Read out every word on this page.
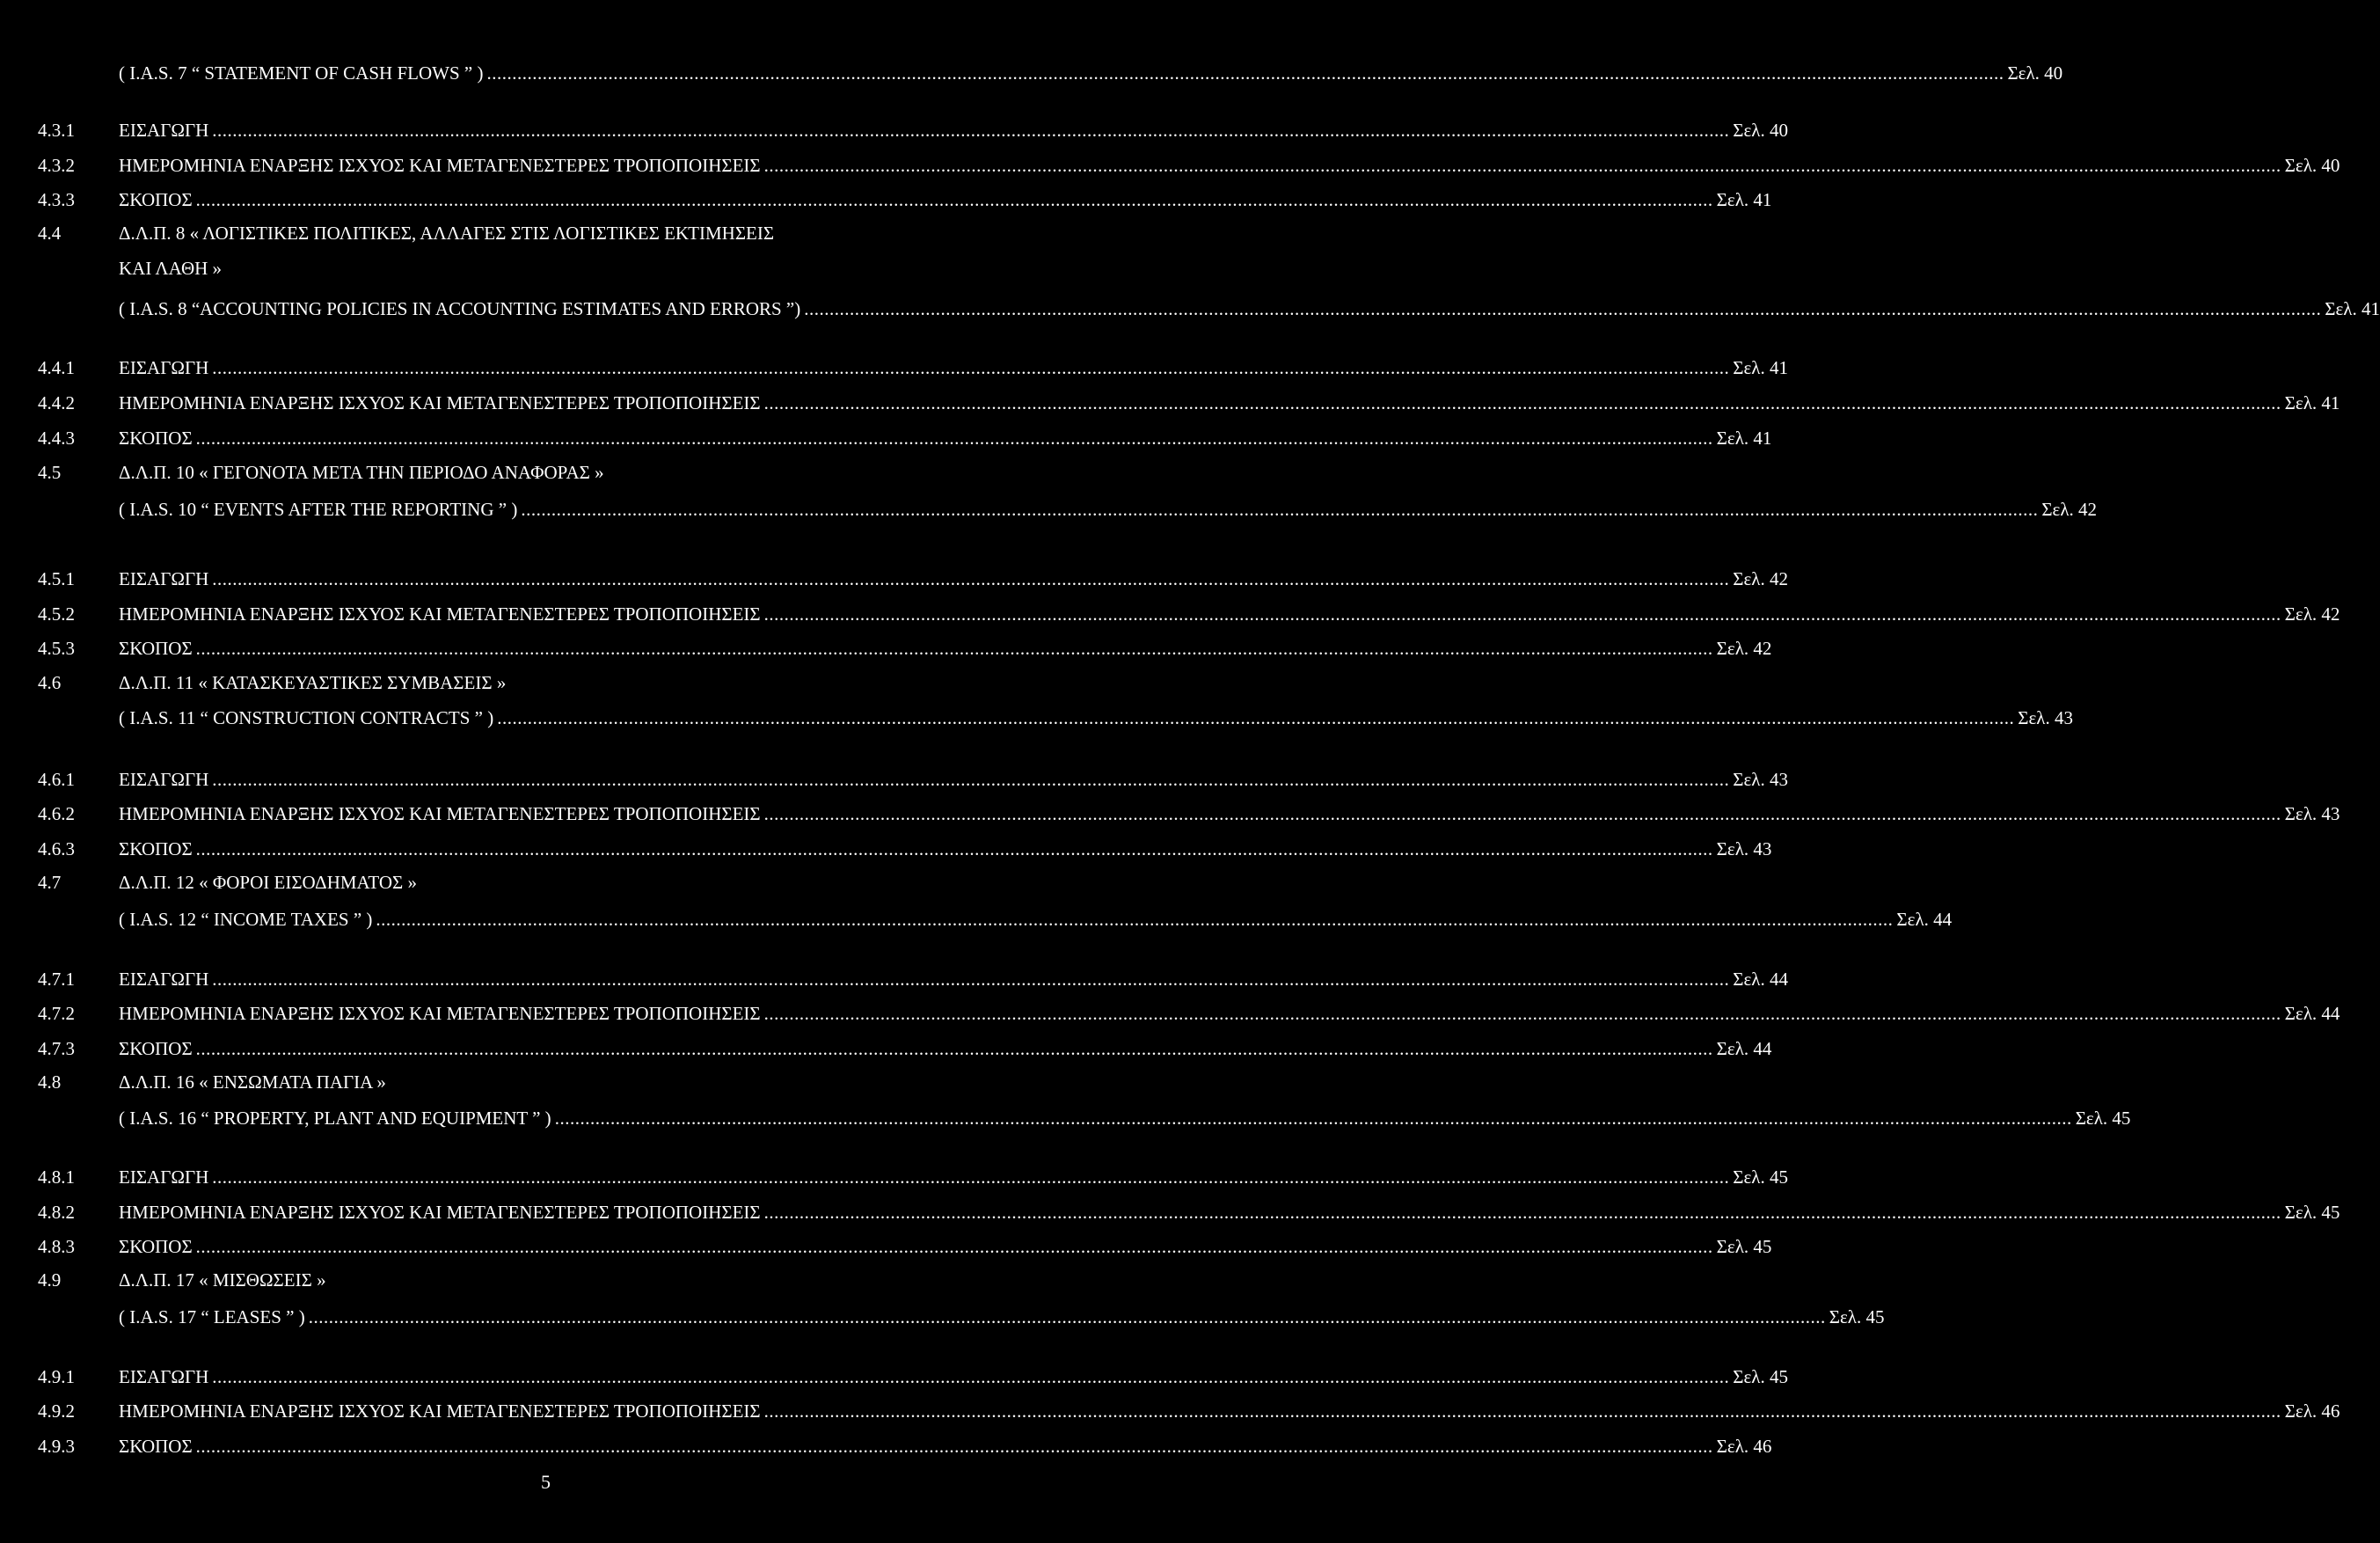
( I.A.S. 7 “ STATEMENT OF CASH FLOWS ” ) ............................................................................................................................................................................................................................................................................................................ Σελ. 40
4.3.1 ΕΙΣΑΓΩΓΗ ............................................................................................................................................................................................................................................................................................................ Σελ. 40
4.3.2 ΗΜΕΡΟΜΗΝΙΑ ΕΝΑΡΞΗΣ ΙΣΧΥΟΣ ΚΑΙ ΜΕΤΑΓΕΝΕΣΤΕΡΕΣ ΤΡΟΠΟΠΟΙΗΣΕΙΣ ............................................................................................................................................................................................................................................................................................................ Σελ. 40
4.3.3 ΣΚΟΠΟΣ ............................................................................................................................................................................................................................................................................................................ Σελ. 41
4.4	Δ.Λ.Π. 8 « ΛΟΓΙΣΤΙΚΕΣ ΠΟΛΙΤΙΚΕΣ, ΑΛΛΑΓΕΣ ΣΤΙΣ ΛΟΓΙΣΤΙΚΕΣ ΕΚΤΙΜΗΣΕΙΣ
ΚΑΙ ΛΑΘΗ »
( I.A.S. 8 “ACCOUNTING POLICIES IN ACCOUNTING ESTIMATES AND ERRORS ”) ............................................................................................................................................................................................................................................................................................................ Σελ. 41
4.4.1 ΕΙΣΑΓΩΓΗ ............................................................................................................................................................................................................................................................................................................ Σελ. 41
4.4.2 ΗΜΕΡΟΜΗΝΙΑ ΕΝΑΡΞΗΣ ΙΣΧΥΟΣ ΚΑΙ ΜΕΤΑΓΕΝΕΣΤΕΡΕΣ ΤΡΟΠΟΠΟΙΗΣΕΙΣ ............................................................................................................................................................................................................................................................................................................ Σελ. 41
4.4.3 ΣΚΟΠΟΣ ............................................................................................................................................................................................................................................................................................................ Σελ. 41
4.5	Δ.Λ.Π. 10 « ΓΕΓΟΝΟΤΑ ΜΕΤΑ ΤΗΝ ΠΕΡΙΟΔΟ ΑΝΑΦΟΡΑΣ »
( I.A.S. 10 “ EVENTS AFTER THE REPORTING ” ) ............................................................................................................................................................................................................................................................................................................ Σελ. 42
4.5.1 ΕΙΣΑΓΩΓΗ ............................................................................................................................................................................................................................................................................................................ Σελ. 42
4.5.2 ΗΜΕΡΟΜΗΝΙΑ ΕΝΑΡΞΗΣ ΙΣΧΥΟΣ ΚΑΙ ΜΕΤΑΓΕΝΕΣΤΕΡΕΣ ΤΡΟΠΟΠΟΙΗΣΕΙΣ ............................................................................................................................................................................................................................................................................................................ Σελ. 42
4.5.3 ΣΚΟΠΟΣ ............................................................................................................................................................................................................................................................................................................ Σελ. 42
4.6	Δ.Λ.Π. 11 « ΚΑΤΑΣΚΕΥΑΣΤΙΚΕΣ ΣΥΜΒΑΣΕΙΣ »
( I.A.S. 11 “ CONSTRUCTION CONTRACTS ” ) ............................................................................................................................................................................................................................................................................................................ Σελ. 43
4.6.1 ΕΙΣΑΓΩΓΗ ............................................................................................................................................................................................................................................................................................................ Σελ. 43
4.6.2 ΗΜΕΡΟΜΗΝΙΑ ΕΝΑΡΞΗΣ ΙΣΧΥΟΣ ΚΑΙ ΜΕΤΑΓΕΝΕΣΤΕΡΕΣ ΤΡΟΠΟΠΟΙΗΣΕΙΣ ............................................................................................................................................................................................................................................................................................................ Σελ. 43
4.6.3 ΣΚΟΠΟΣ ............................................................................................................................................................................................................................................................................................................ Σελ. 43
4.7	Δ.Λ.Π. 12 « ΦΟΡΟΙ ΕΙΣΟΔΗΜΑΤΟΣ »
( I.A.S. 12 “ INCOME TAXES ” ) ............................................................................................................................................................................................................................................................................................................ Σελ. 44
4.7.1 ΕΙΣΑΓΩΓΗ ............................................................................................................................................................................................................................................................................................................ Σελ. 44
4.7.2 ΗΜΕΡΟΜΗΝΙΑ ΕΝΑΡΞΗΣ ΙΣΧΥΟΣ ΚΑΙ ΜΕΤΑΓΕΝΕΣΤΕΡΕΣ ΤΡΟΠΟΠΟΙΗΣΕΙΣ ............................................................................................................................................................................................................................................................................................................ Σελ. 44
4.7.3 ΣΚΟΠΟΣ ............................................................................................................................................................................................................................................................................................................ Σελ. 44
4.8	Δ.Λ.Π. 16 « ΕΝΣΩΜΑΤΑ ΠΑΓΙΑ »
( I.A.S. 16 “ PROPERTY, PLANT AND EQUIPMENT ” ) ............................................................................................................................................................................................................................................................................................................ Σελ. 45
4.8.1 ΕΙΣΑΓΩΓΗ ............................................................................................................................................................................................................................................................................................................ Σελ. 45
4.8.2 ΗΜΕΡΟΜΗΝΙΑ ΕΝΑΡΞΗΣ ΙΣΧΥΟΣ ΚΑΙ ΜΕΤΑΓΕΝΕΣΤΕΡΕΣ ΤΡΟΠΟΠΟΙΗΣΕΙΣ ............................................................................................................................................................................................................................................................................................................ Σελ. 45
4.8.3 ΣΚΟΠΟΣ ............................................................................................................................................................................................................................................................................................................ Σελ. 45
4.9	Δ.Λ.Π. 17 « ΜΙΣΘΩΣΕΙΣ »
( I.A.S. 17 “ LEASES ” ) ............................................................................................................................................................................................................................................................................................................ Σελ. 45
4.9.1 ΕΙΣΑΓΩΓΗ ............................................................................................................................................................................................................................................................................................................ Σελ. 45
4.9.2 ΗΜΕΡΟΜΗΝΙΑ ΕΝΑΡΞΗΣ ΙΣΧΥΟΣ ΚΑΙ ΜΕΤΑΓΕΝΕΣΤΕΡΕΣ ΤΡΟΠΟΠΟΙΗΣΕΙΣ ............................................................................................................................................................................................................................................................................................................ Σελ. 46
4.9.3 ΣΚΟΠΟΣ ............................................................................................................................................................................................................................................................................................................ Σελ. 46
5
